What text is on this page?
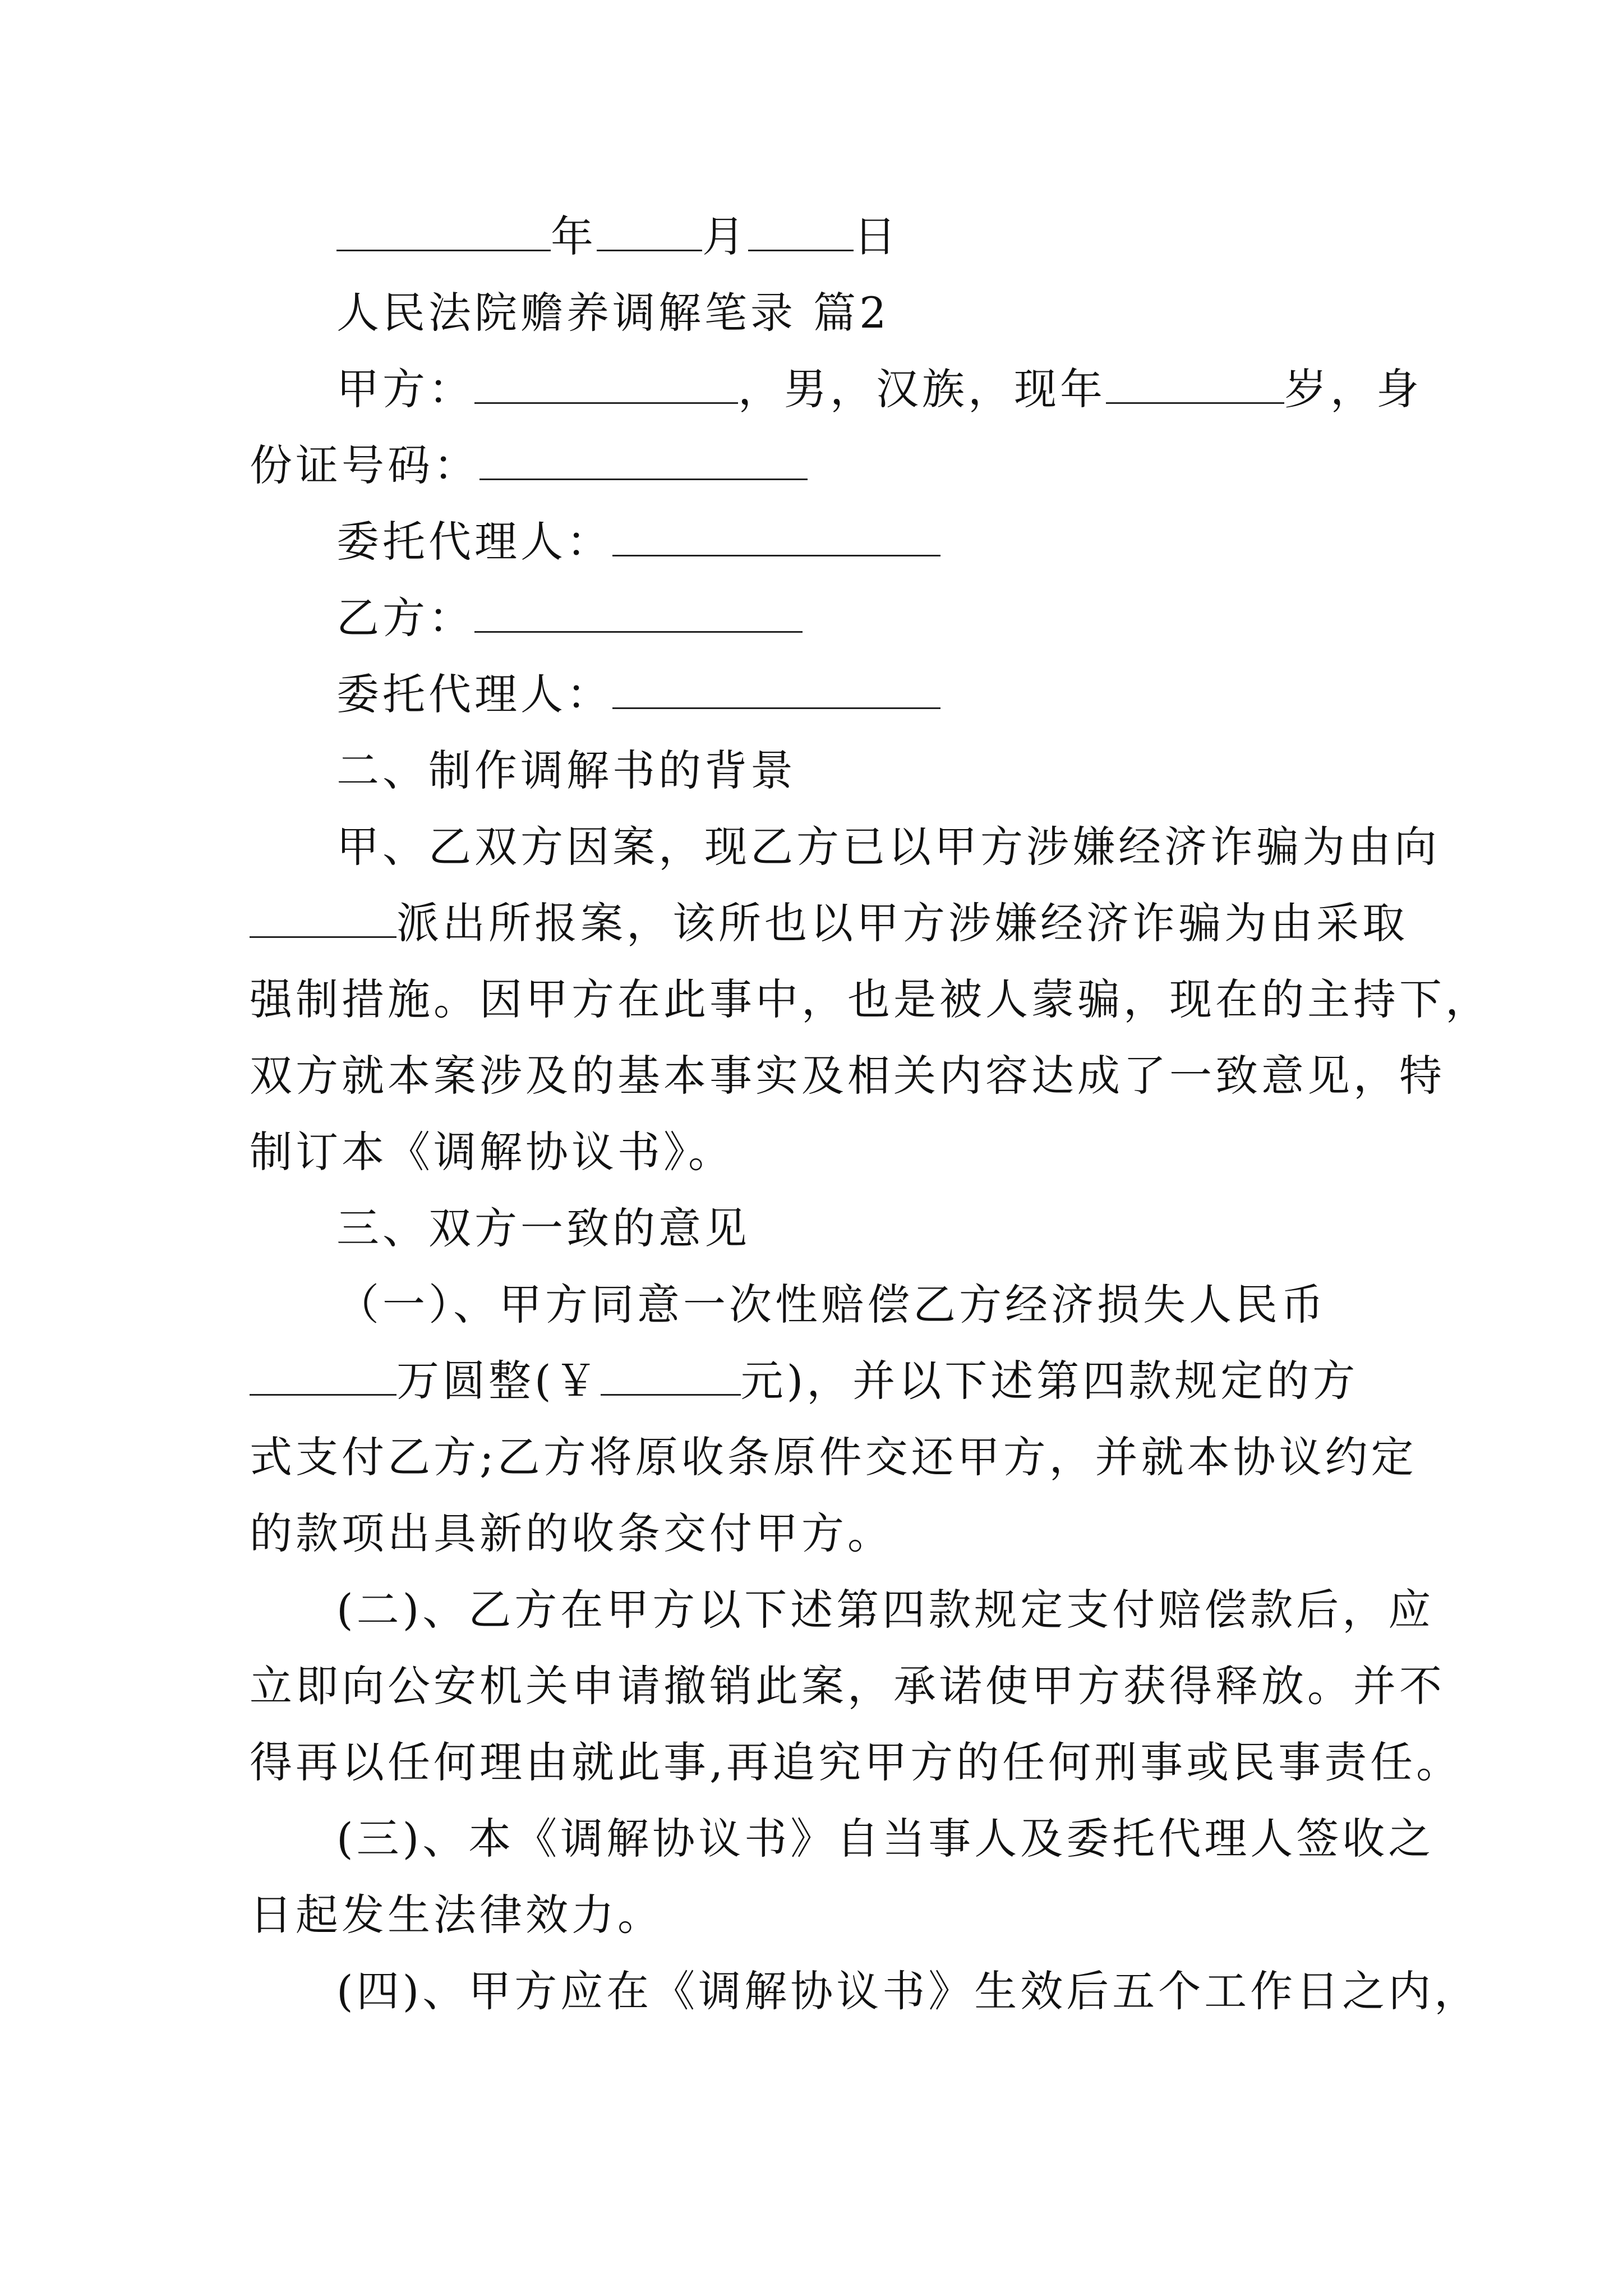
年 月 日
人民法院赡养调解笔录 篇2
甲方：	，男，汉族，现年	岁，身
份证号码：
委托代理人：
乙方：
委托代理人：
二、制作调解书的背景
甲、乙双方因案，现乙方已以甲方涉嫌经济诈骗为由向
派出所报案，该所也以甲方涉嫌经济诈骗为由采取
强制措施。因甲方在此事中，也是被人蒙骗，现在的主持下，
双方就本案涉及的基本事实及相关内容达成了一致意见，特
制订本《调解协议书》。
三、双方一致的意见
（一）、甲方同意一次性赔偿乙方经济损失人民币
万圆整(￥	元)，并以下述第四款规定的方
式支付乙方;乙方将原收条原件交还甲方，并就本协议约定
的款项出具新的收条交付甲方。
(二)、乙方在甲方以下述第四款规定支付赔偿款后，应
立即向公安机关申请撤销此案，承诺使甲方获得释放。并不
得再以任何理由就此事,再追究甲方的任何刑事或民事责任。
(三)、本《调解协议书》自当事人及委托代理人签收之
日起发生法律效力。
(四)、甲方应在《调解协议书》生效后五个工作日之内，
